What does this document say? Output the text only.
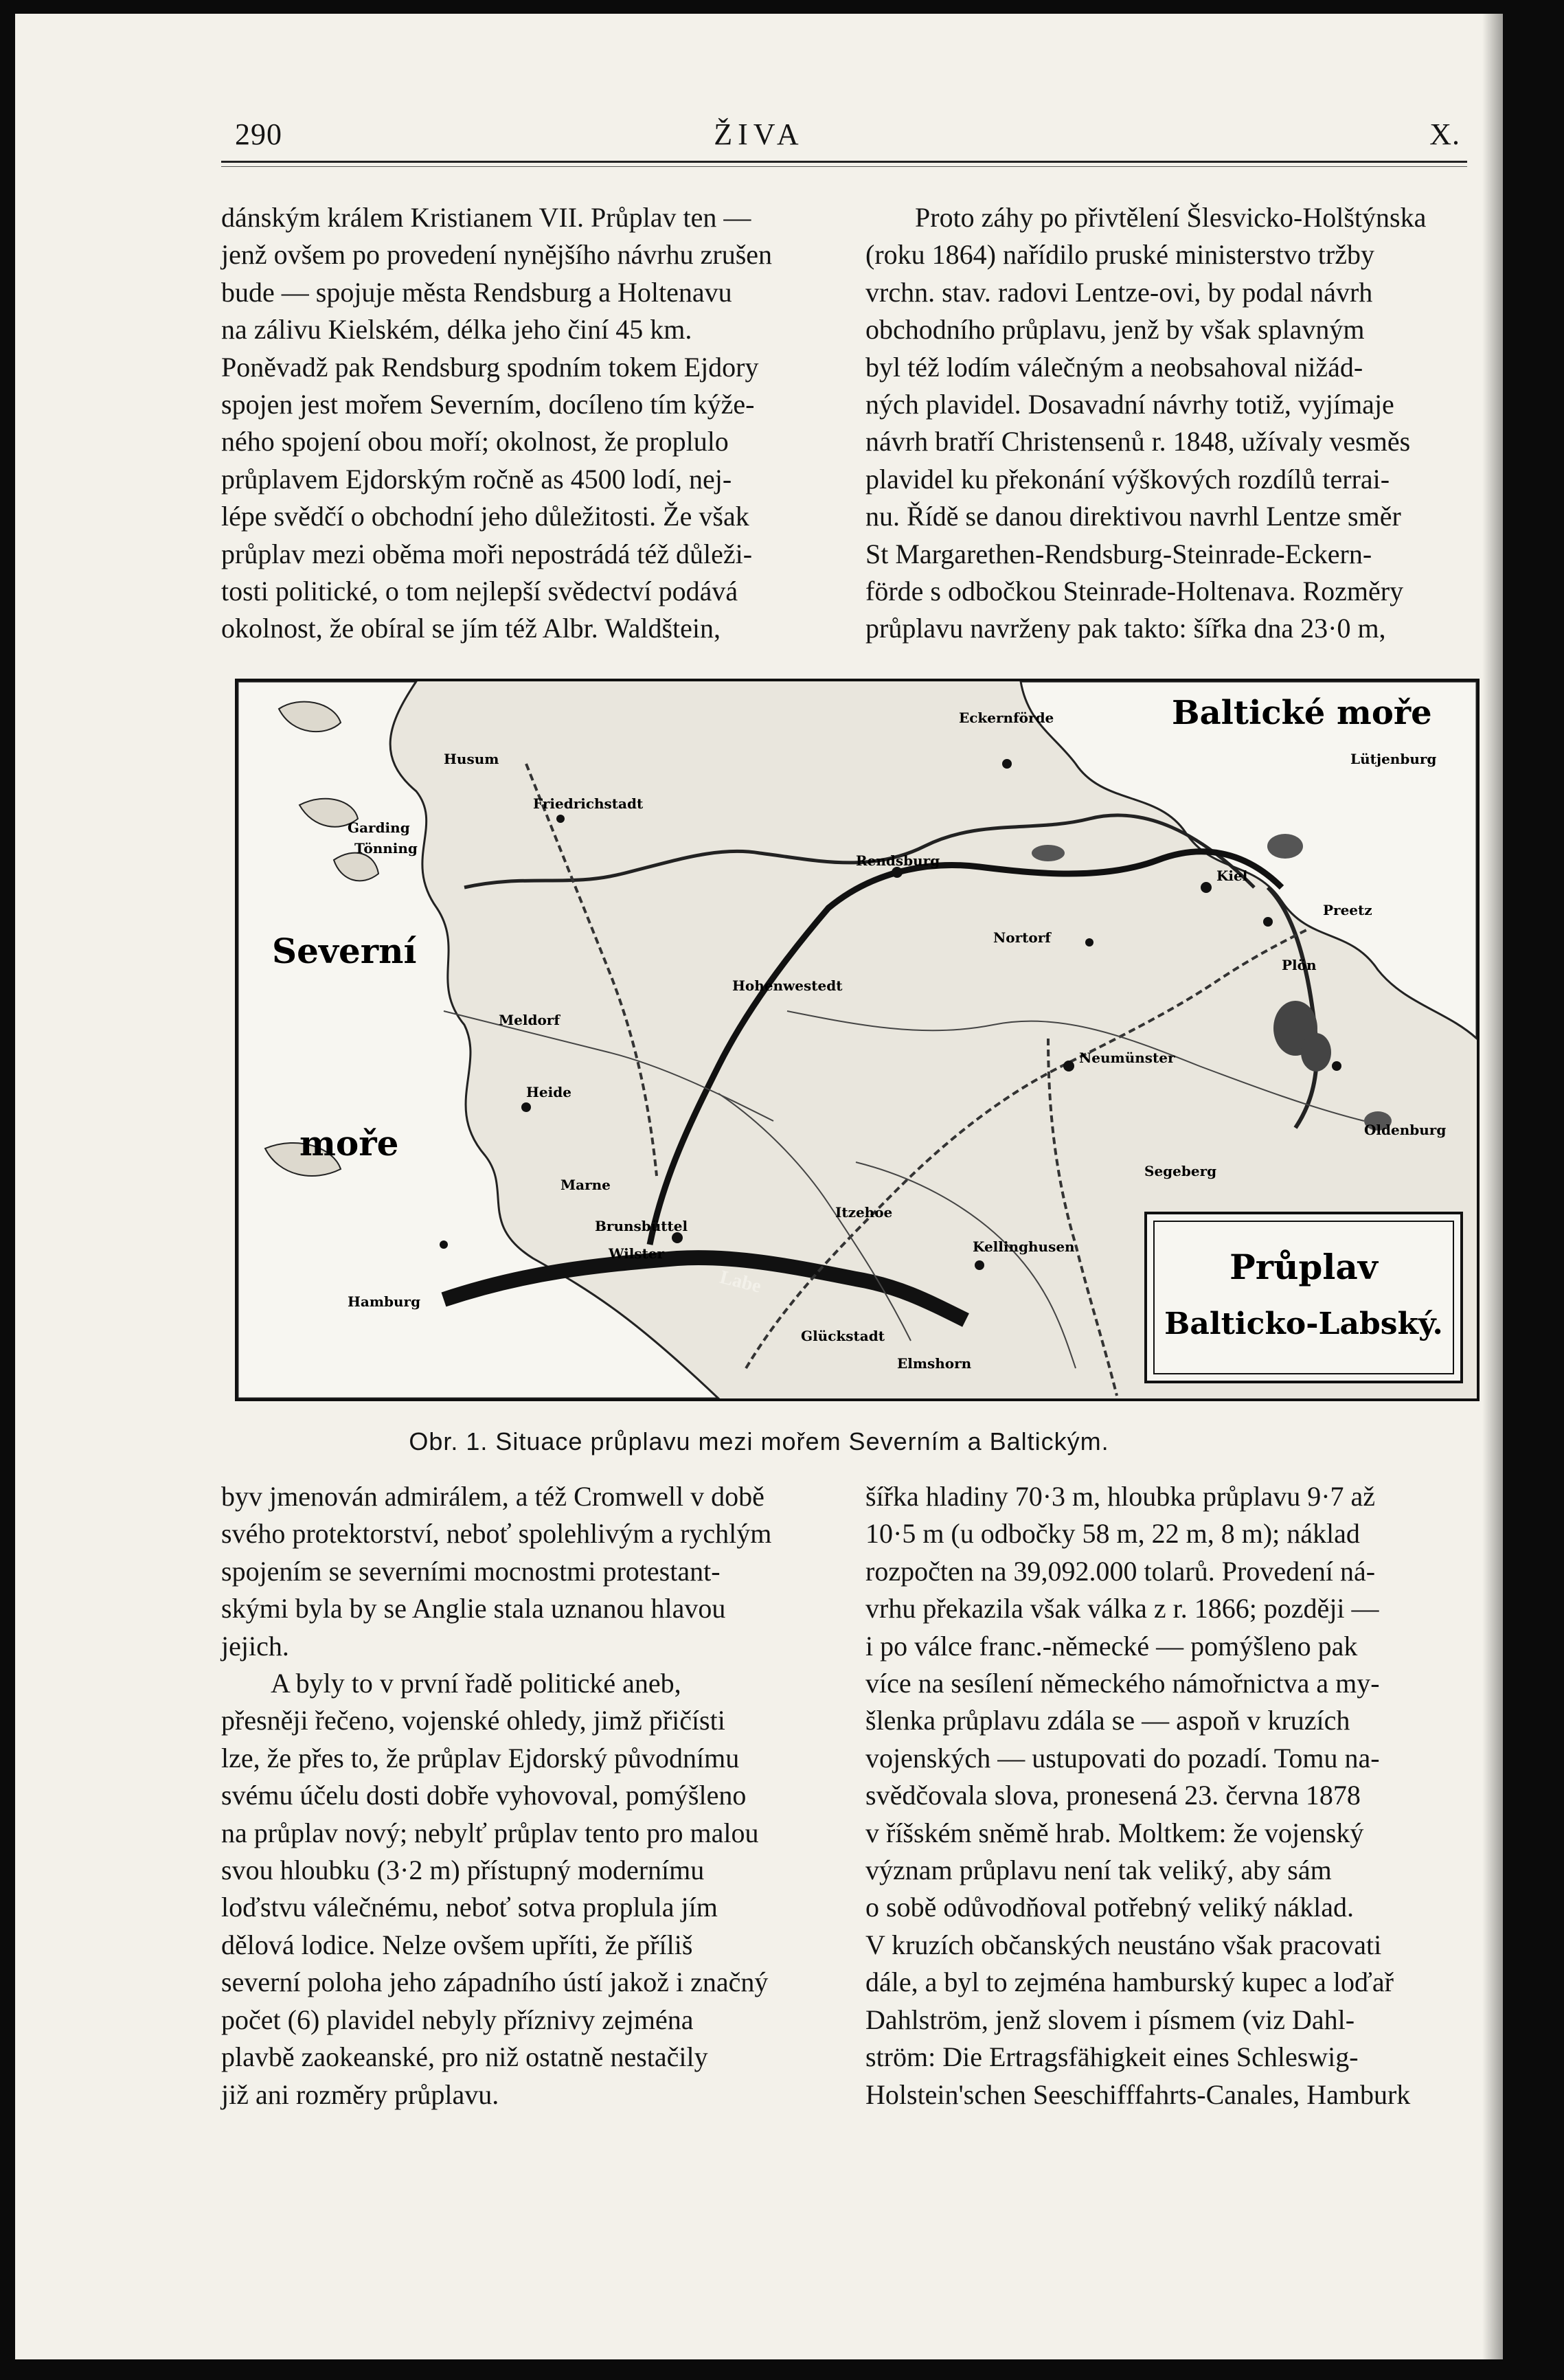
ŽIVA
290	X.
dánským králem Kristianem VII. Průplav ten —
jenž ovšem po provedení nynějšího návrhu zrušen
bude — spojuje města Rendsburg a Holtenavu
na zálivu Kielském, délka jeho činí 45 km.
Poněvadž pak Rendsburg spodním tokem Ejdory
spojen jest mořem Severním, docíleno tím kýže-
ného spojení obou moří; okolnost, že proplulo
průplavem Ejdorským ročně as 4500 lodí, nej-
lépe svědčí o obchodní jeho důležitosti. Že však
průplav mezi oběma moři nepostrádá též důleži-
tosti politické, o tom nejlepší svědectví podává
okolnost, že obíral se jím též Albr. Waldštein,
Proto záhy po přivtělení Šlesvicko-Holštýnska
(roku 1864) nařídilo pruské ministerstvo tržby
vrchn. stav. radovi Lentze-ovi, by podal návrh
obchodního průplavu, jenž by však splavným
byl též lodím válečným a neobsahoval nižád-
ných plavidel. Dosavadní návrhy totiž, vyjímaje
návrh bratří Christensenů r. 1848, užívaly vesměs
plavidel ku překonání výškových rozdílů terrai-
nu. Řídě se danou direktivou navrhl Lentze směr
St Margarethen-Rendsburg-Steinrade-Eckern-
förde s odbočkou Steinrade-Holtenava. Rozměry
průplavu navrženy pak takto: šířka dna 23·0 m,
Baltické moře
Severní
moře
Labe
Rendsburg
Kiel
Neumünster
Itzehoe
Glückstadt
Brunsbüttel
Friedrichstadt
Eckernförde
Hamburg
Oldenburg
Heide
Husum
Marne
Wilster
Plön
Segeberg
Elmshorn
Kellinghusen
Nortorf
Hohenwestedt
Meldorf
Preetz
Lütjenburg
Tönning
Garding
Průplav
Balticko-Labský.
Obr. 1. Situace průplavu mezi mořem Severním a Baltickým.
byv jmenován admirálem, a též Cromwell v době
svého protektorství, neboť spolehlivým a rychlým
spojením se severními mocnostmi protestant-
skými byla by se Anglie stala uznanou hlavou
jejich.
A byly to v první řadě politické aneb,
přesněji řečeno, vojenské ohledy, jimž přičísti
lze, že přes to, že průplav Ejdorský původnímu
svému účelu dosti dobře vyhovoval, pomýšleno
na průplav nový; nebylť průplav tento pro malou
svou hloubku (3·2 m) přístupný modernímu
loďstvu válečnému, neboť sotva proplula jím
dělová lodice. Nelze ovšem upříti, že příliš
severní poloha jeho západního ústí jakož i značný
počet (6) plavidel nebyly příznivy zejména
plavbě zaokeanské, pro niž ostatně nestačily
již ani rozměry průplavu.
šířka hladiny 70·3 m, hloubka průplavu 9·7 až
10·5 m (u odbočky 58 m, 22 m, 8 m); náklad
rozpočten na 39,092.000 tolarů. Provedení ná-
vrhu překazila však válka z r. 1866; později —
i po válce franc.-německé — pomýšleno pak
více na sesílení německého námořnictva a my-
šlenka průplavu zdála se — aspoň v kruzích
vojenských — ustupovati do pozadí. Tomu na-
svědčovala slova, pronesená 23. června 1878
v říšském sněmě hrab. Moltkem: že vojenský
význam průplavu není tak veliký, aby sám
o sobě odůvodňoval potřebný veliký náklad.
V kruzích občanských neustáno však pracovati
dále, a byl to zejména hamburský kupec a loďař
Dahlström, jenž slovem i písmem (viz Dahl-
ström: Die Ertragsfähigkeit eines Schleswig-
Holstein'schen Seeschifffahrts-Canales, Hamburk
